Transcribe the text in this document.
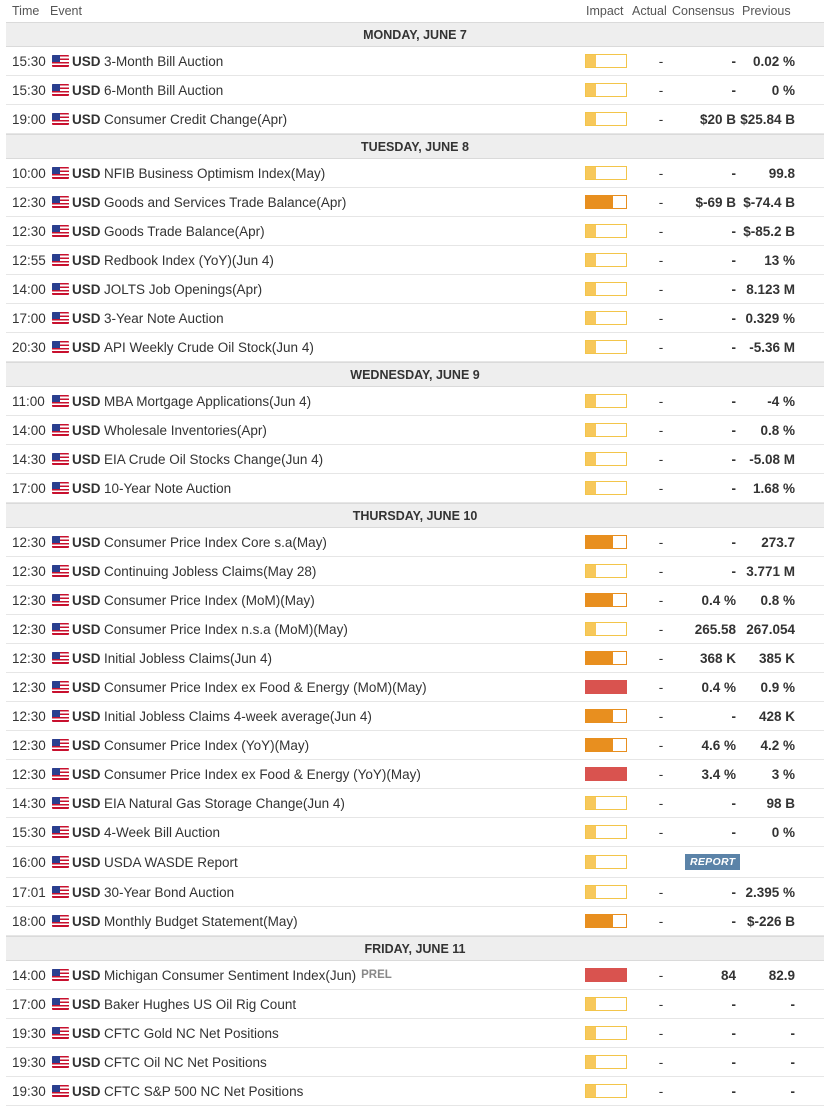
Time Event	Impact Actual Consensus Previous
MONDAY, JUNE 7
15:30	USD 3-Month Bill Auction	-	-	0.02 %
15:30	USD 6-Month Bill Auction	-	-	0 %
19:00	USD Consumer Credit Change(Apr)	-	$20 B $25.84 B
TUESDAY, JUNE 8
10:00	USD NFIB Business Optimism Index(May)	-	-	99.8
12:30	USD Goods and Services Trade Balance(Apr)	-	$-69 B $-74.4 B
12:30	USD Goods Trade Balance(Apr)	-	- $-85.2 B
12:55	USD Redbook Index (YoY)(Jun 4)	-	-	13 %
14:00	USD JOLTS Job Openings(Apr)	-	- 8.123 M
17:00	USD 3-Year Note Auction	-	- 0.329 %
20:30	USD API Weekly Crude Oil Stock(Jun 4)	-	- -5.36 M
WEDNESDAY, JUNE 9
11:00	USD MBA Mortgage Applications(Jun 4)	-	-	-4 %
14:00	USD Wholesale Inventories(Apr)	-	-	0.8 %
14:30	USD EIA Crude Oil Stocks Change(Jun 4)	-	- -5.08 M
17:00	USD 10-Year Note Auction	-	-	1.68 %
THURSDAY, JUNE 10
12:30	USD Consumer Price Index Core s.a(May)	-	-	273.7
12:30	USD Continuing Jobless Claims(May 28)	-	- 3.771 M
12:30	USD Consumer Price Index (MoM)(May)	-	0.4 %	0.8 %
12:30	USD Consumer Price Index n.s.a (MoM)(May)	-	265.58 267.054
12:30	USD Initial Jobless Claims(Jun 4)	-	368 K	385 K
12:30	USD Consumer Price Index ex Food & Energy (MoM)(May)	-	0.4 %	0.9 %
12:30	USD Initial Jobless Claims 4-week average(Jun 4)	-	-	428 K
12:30	USD Consumer Price Index (YoY)(May)	-	4.6 %	4.2 %
12:30	USD Consumer Price Index ex Food & Energy (YoY)(May)	-	3.4 %	3 %
14:30	USD EIA Natural Gas Storage Change(Jun 4)	-	-	98 B
15:30	USD 4-Week Bill Auction	-	-	0 %
16:00	USD USDA WASDE Report	REPORT
17:01	USD 30-Year Bond Auction	-	- 2.395 %
18:00	USD Monthly Budget Statement(May)	-	- $-226 B
FRIDAY, JUNE 11
14:00	USD Michigan Consumer Sentiment Index(Jun) PREL	-	84	82.9
17:00	USD Baker Hughes US Oil Rig Count	-	-	-
19:30	USD CFTC Gold NC Net Positions	-	-	-
19:30	USD CFTC Oil NC Net Positions	-	-	-
19:30	USD CFTC S&P 500 NC Net Positions	-	-	-
